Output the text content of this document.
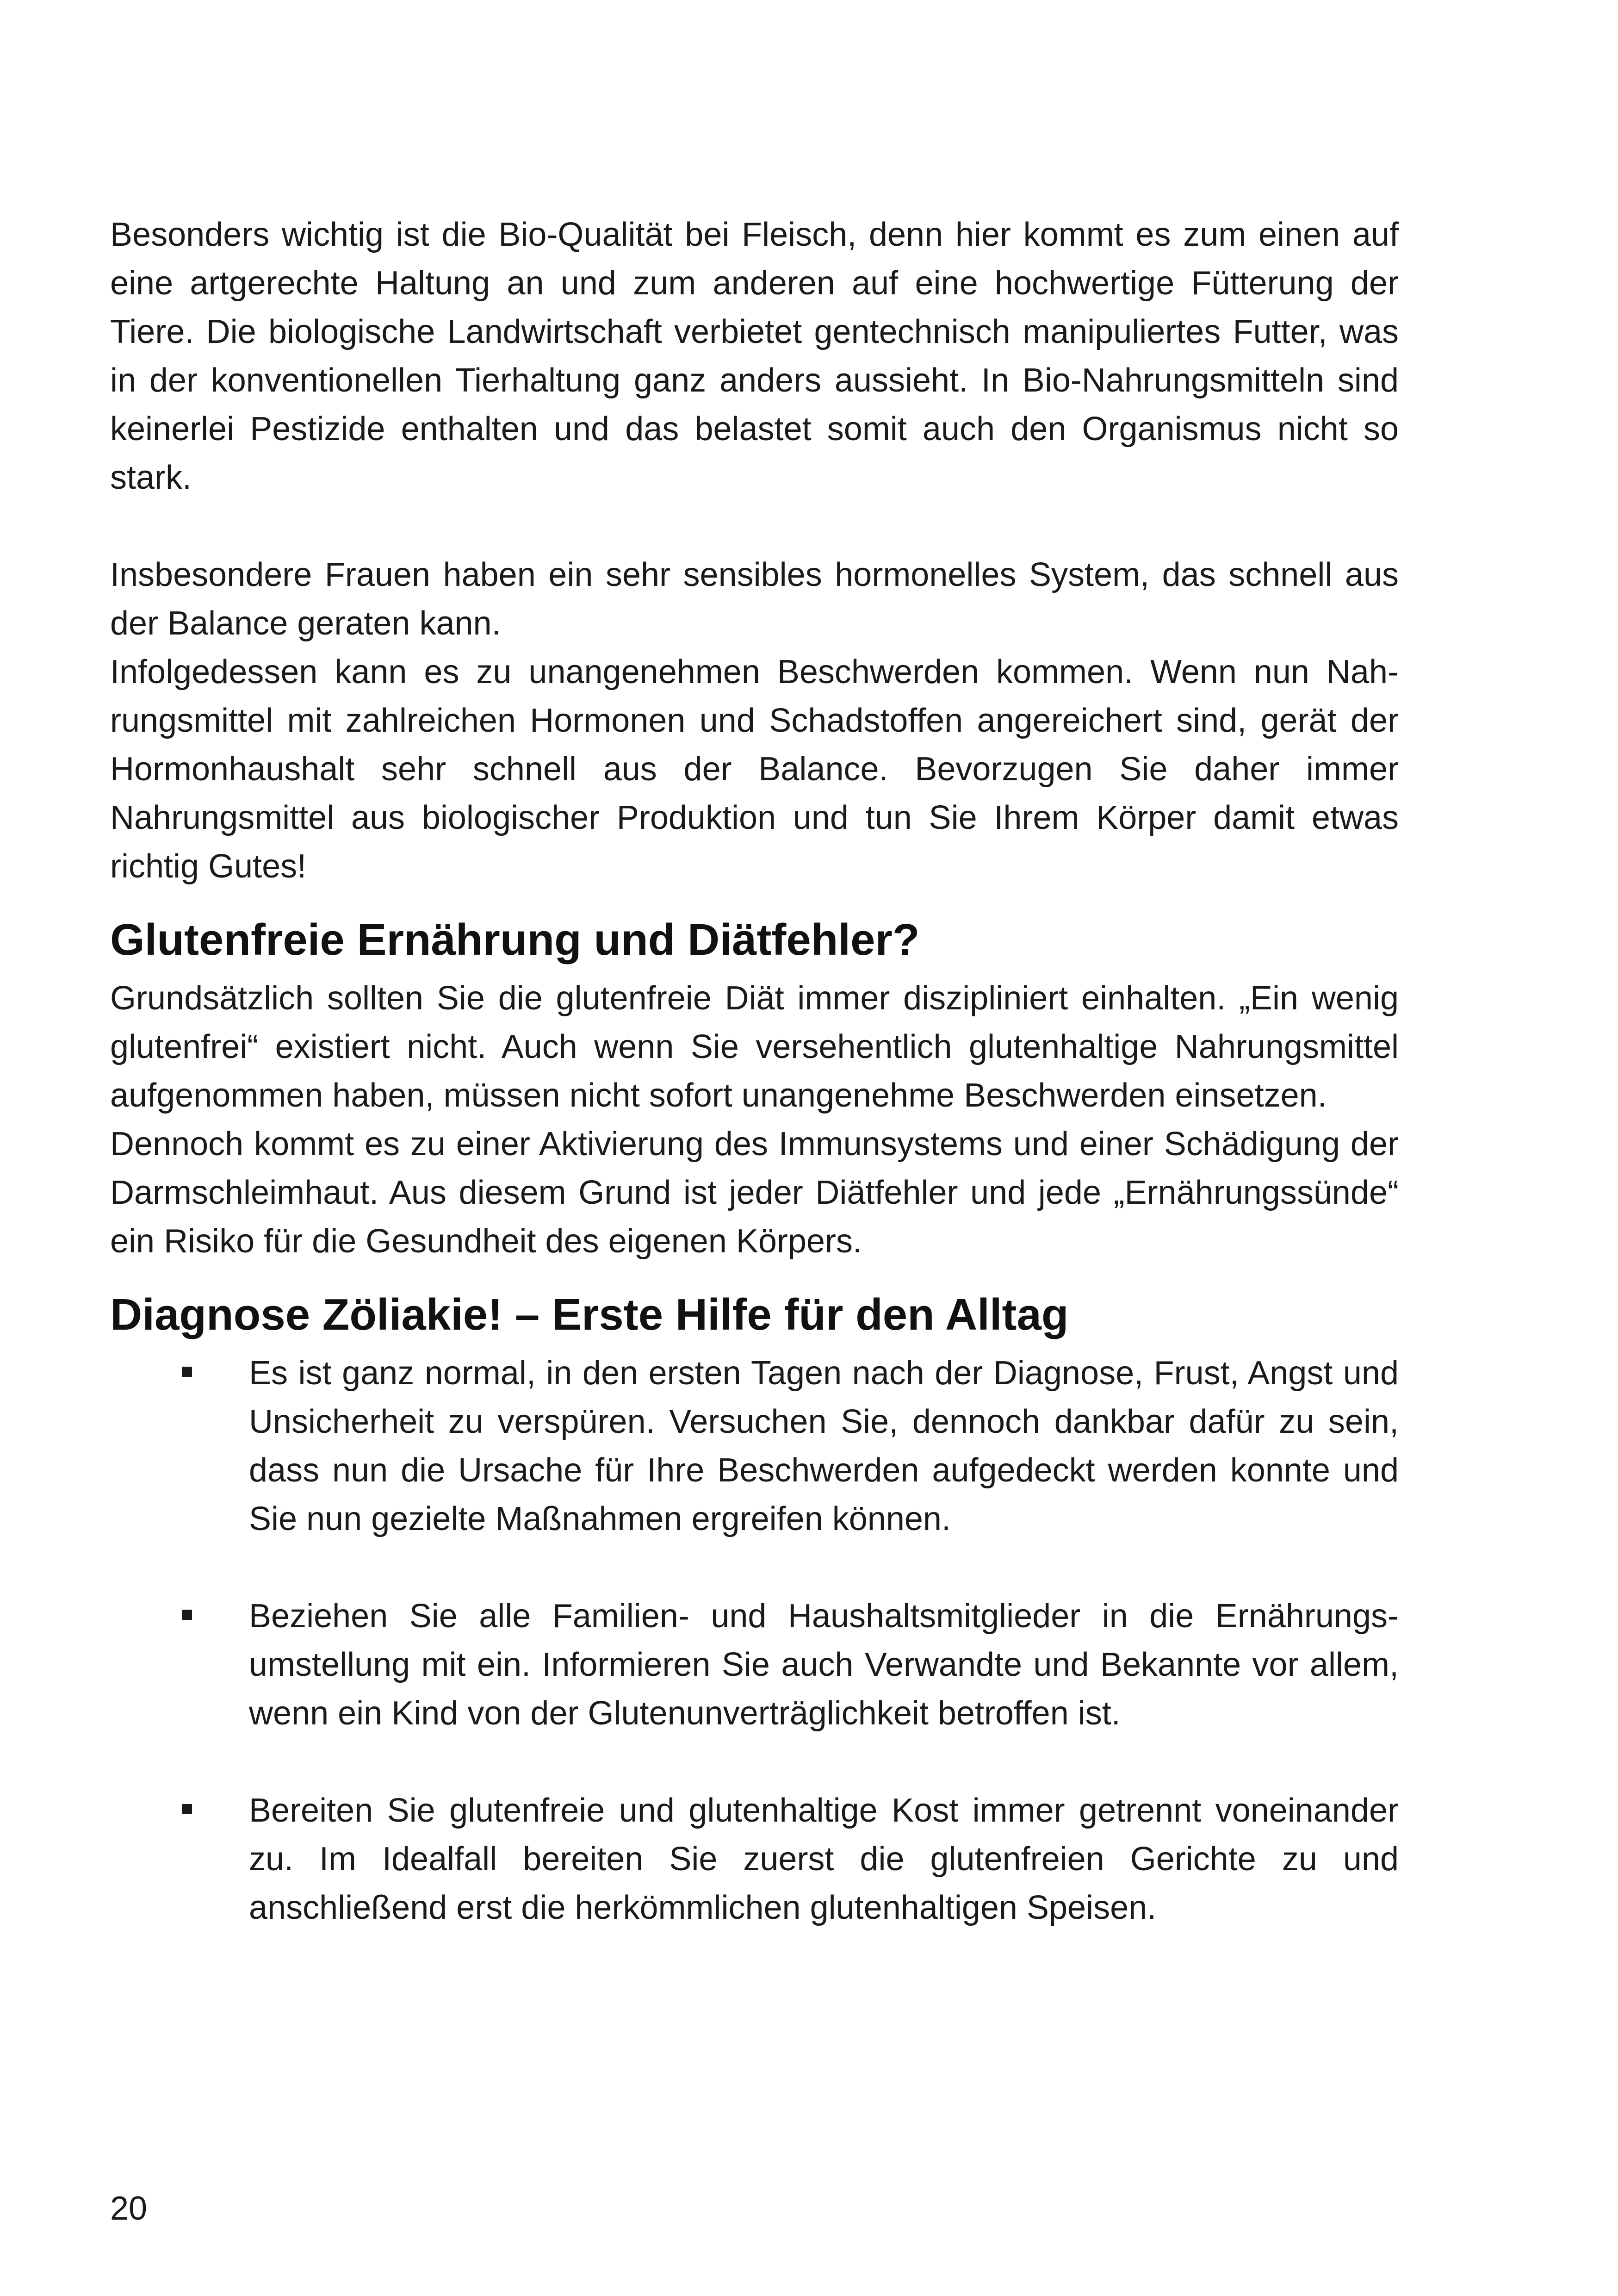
Besonders wichtig ist die Bio-Qualität bei Fleisch, denn hier kommt es zum einen auf eine artgerechte Haltung an und zum anderen auf eine hochwertige Fütterung der Tiere. Die biologische Landwirtschaft verbietet gentechnisch manipuliertes Futter, was in der konventionellen Tierhaltung ganz anders aussieht. In Bio-Nahrungsmitteln sind keinerlei Pestizide enthalten und das belastet somit auch den Organismus nicht so stark.

Insbesondere Frauen haben ein sehr sensibles hormonelles System, das schnell aus der Balance geraten kann.

Infolgedessen kann es zu unangenehmen Beschwerden kommen. Wenn nun Nahrungsmittel mit zahlreichen Hormonen und Schadstoffen angereichert sind, gerät der Hormonhaushalt sehr schnell aus der Balance. Bevorzugen Sie daher immer Nahrungsmittel aus biologischer Produktion und tun Sie Ihrem Körper damit etwas richtig Gutes!

Glutenfreie Ernährung und Diätfehler?

Grundsätzlich sollten Sie die glutenfreie Diät immer diszipliniert einhalten. „Ein wenig glutenfrei“ existiert nicht. Auch wenn Sie versehentlich glutenhaltige Nahrungsmittel aufgenommen haben, müssen nicht sofort unangenehme Beschwerden einsetzen.

Dennoch kommt es zu einer Aktivierung des Immunsystems und einer Schädigung der Darmschleimhaut. Aus diesem Grund ist jeder Diätfehler und jede „Ernährungssünde“ ein Risiko für die Gesundheit des eigenen Körpers.

Diagnose Zöliakie! – Erste Hilfe für den Alltag
Es ist ganz normal, in den ersten Tagen nach der Diagnose, Frust, Angst und Unsicherheit zu verspüren. Versuchen Sie, dennoch dankbar dafür zu sein, dass nun die Ursache für Ihre Beschwerden aufgedeckt werden konnte und Sie nun gezielte Maßnahmen ergreifen können.
Beziehen Sie alle Familien- und Haushaltsmitglieder in die Ernährungsumstellung mit ein. Informieren Sie auch Verwandte und Bekannte vor allem, wenn ein Kind von der Glutenunverträglichkeit betroffen ist.
Bereiten Sie glutenfreie und glutenhaltige Kost immer getrennt voneinander zu. Im Idealfall bereiten Sie zuerst die glutenfreien Gerichte zu und anschließend erst die herkömmlichen glutenhaltigen Speisen.
20
